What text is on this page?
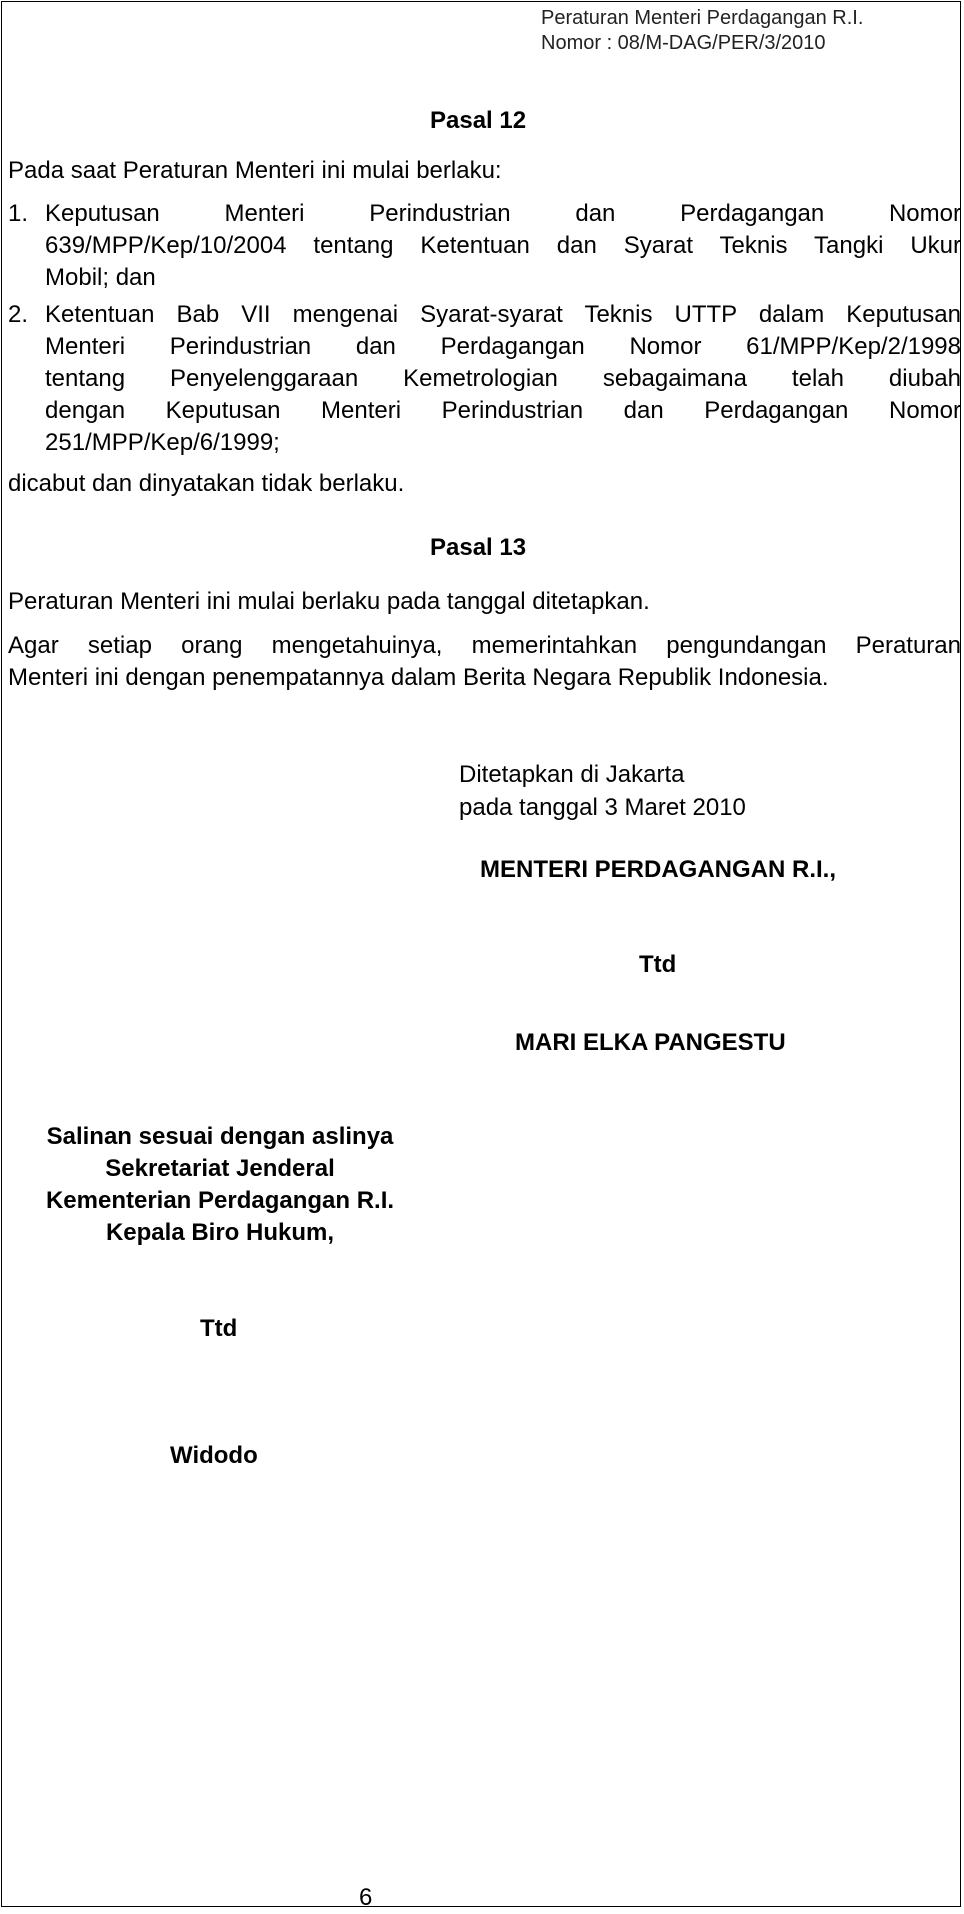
Peraturan Menteri Perdagangan R.I.
Nomor : 08/M-DAG/PER/3/2010
Pasal 12
Pada saat Peraturan Menteri ini mulai berlaku:
1. Keputusan Menteri Perindustrian dan Perdagangan Nomor
639/MPP/Kep/10/2004 tentang Ketentuan dan Syarat Teknis Tangki Ukur
Mobil; dan
2. Ketentuan Bab VII mengenai Syarat-syarat Teknis UTTP dalam Keputusan
Menteri Perindustrian dan Perdagangan Nomor 61/MPP/Kep/2/1998
tentang Penyelenggaraan Kemetrologian sebagaimana telah diubah
dengan Keputusan Menteri Perindustrian dan Perdagangan Nomor
251/MPP/Kep/6/1999;
dicabut dan dinyatakan tidak berlaku.
Pasal 13
Peraturan Menteri ini mulai berlaku pada tanggal ditetapkan.
Agar setiap orang mengetahuinya, memerintahkan pengundangan Peraturan
Menteri ini dengan penempatannya dalam Berita Negara Republik Indonesia.
Ditetapkan di Jakarta
pada tanggal 3 Maret 2010
MENTERI PERDAGANGAN R.I.,
Ttd
MARI ELKA PANGESTU
Salinan sesuai dengan aslinya
Sekretariat Jenderal
Kementerian Perdagangan R.I.
Kepala Biro Hukum,
Ttd
Widodo
6
